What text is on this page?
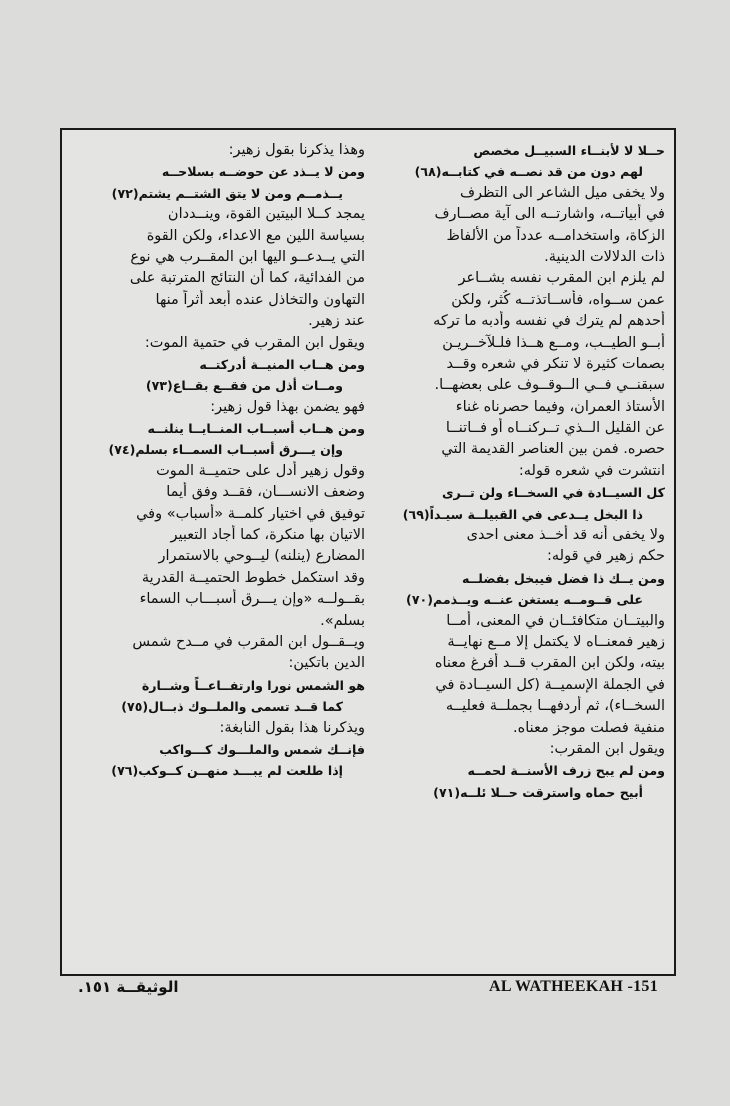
حــلا لا لأبنــاء السبيــل مخصص
لهم دون من قد نصــه في كتابــه(٦٨)
ولا يخفى ميل الشاعر الى التظرف
في أبياتــه، واشارتــه الى آية مصــارف
الزكاة، واستخدامــه عدداً من الألفاظ
ذات الدلالات الدينية.
لم يلزم ابن المقرب نفسه بشــاعر
عمن ســواه، فأســاتذتــه كُثر، ولكن
أحدهم لم يترك في نفسه وأدبه ما تركه
أبــو الطيــب، ومــع هــذا فلـلآخــريـن
بصمات كثيرة لا تنكر في شعره وقــد
سبقنــي فــي الــوقــوف على بعضهــا.
الأستاذ العمران، وفيما حصرناه غناء
عن القليل الــذي تــركنــاه أو فــاتنــا
حصره. فمن بين العناصر القديمة التي
انتشرت في شعره قوله:
كل السيــادة في السخــاء ولن تــرى
ذا البخل يــدعى في القبيلــة سيـداً(٦٩)
ولا يخفى أنه قد أخــذ معنى احدى
حكم زهير في قوله:
ومن يــك ذا فضل فيبخل بفضلــه
على قــومــه يستغن عنــه ويــذمم(٧٠)
والبيتــان متكافئــان في المعنى، أمــا
زهير فمعنــاه لا يكتمل إلا مــع نهايــة
بيته، ولكن ابن المقرب قــد أفرغ معناه
في الجملة الإسميــة (كل السيــادة في
السخــاء)، ثم أردفهــا بجملــة فعليــه
منفية فصلت موجز معناه.
ويقول ابن المقرب:
ومن لم يبح زرف الأسنــة لحمــه
أبيح حماه واسترقت حــلا ئلــه(٧١)
وهذا يذكرنا بقول زهير:
ومن لا يــذد عن حوضــه بسلاحــه
يــذمــم ومن لا يتق الشتــم يشتم(٧٢)
يمجد كــلا البيتين القوة، وينــددان
بسياسة اللين مع الاعداء، ولكن القوة
التي يــدعــو اليها ابن المقــرب هي نوع
من الفدائية، كما أن النتائج المترتبة على
التهاون والتخاذل عنده أبعد أثراً منها
عند زهير.
ويقول ابن المقرب في حتمية الموت:
ومن هــاب المنيــة أدركتــه
ومــات أذل من فقــع بقــاع(٧٣)
فهو يضمن بهذا قول زهير:
ومن هــاب أسبــاب المنــايــا ينلنــه
وإن يـــرق أسبــاب السمــاء بسلم(٧٤)
وقول زهير أدل على حتميــة الموت
وضعف الانســـان، فقــد وفق أيما
توفيق في اختيار كلمــة «أسباب» وفي
الاتيان بها منكرة، كما أجاد التعبير
المضارع (ينلنه) ليــوحي بالاستمرار
وقد استكمل خطوط الحتميــة القدرية
بقــولــه «وإن يـــرق أسبـــاب السماء
بسلم».
ويــقــول ابن المقرب في مــدح شمس
الدين باتكين:
هو الشمس نورا وارتفــاعــاً وشــارة
كما قــد تسمى والملــوك ذبــال(٧٥)
ويذكرنا هذا بقول النابغة:
فإنــك شمس والملـــوك كـــواكب
إذا طلعت لم يبـــد منهــن كــوكب(٧٦)
AL WATHEEKAH -151
الوثيقــة ١٥١.
